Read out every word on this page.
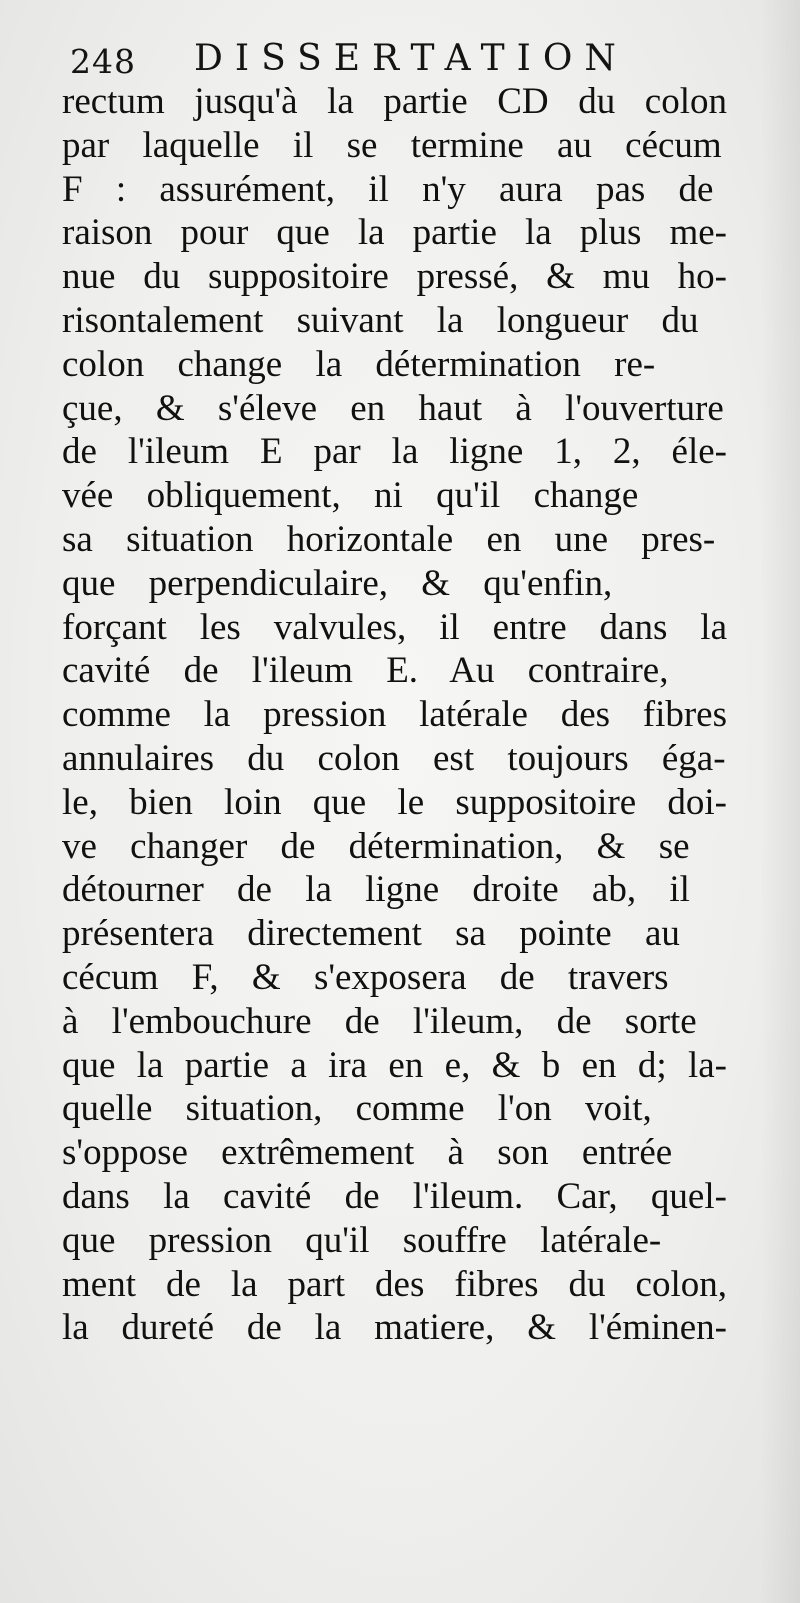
248 DISSERTATION
rectum jusqu'à la partie CD du colon
par laquelle il se termine au cécum
F : assurément, il n'y aura pas de
raison pour que la partie la plus me-
nue du suppositoire pressé, & mu ho-
risontalement suivant la longueur du
colon change la détermination re-
çue, & s'éleve en haut à l'ouverture
de l'ileum E par la ligne 1, 2, éle-
vée obliquement, ni qu'il change
sa situation horizontale en une pres-
que perpendiculaire, & qu'enfin,
forçant les valvules, il entre dans la
cavité de l'ileum E. Au contraire,
comme la pression latérale des fibres
annulaires du colon est toujours éga-
le, bien loin que le suppositoire doi-
ve changer de détermination, & se
détourner de la ligne droite ab, il
présentera directement sa pointe au
cécum F, & s'exposera de travers
à l'embouchure de l'ileum, de sorte
que la partie a ira en e, & b en d; la-
quelle situation, comme l'on voit,
s'oppose extrêmement à son entrée
dans la cavité de l'ileum. Car, quel-
que pression qu'il souffre latérale-
ment de la part des fibres du colon,
la dureté de la matiere, & l'éminen-
